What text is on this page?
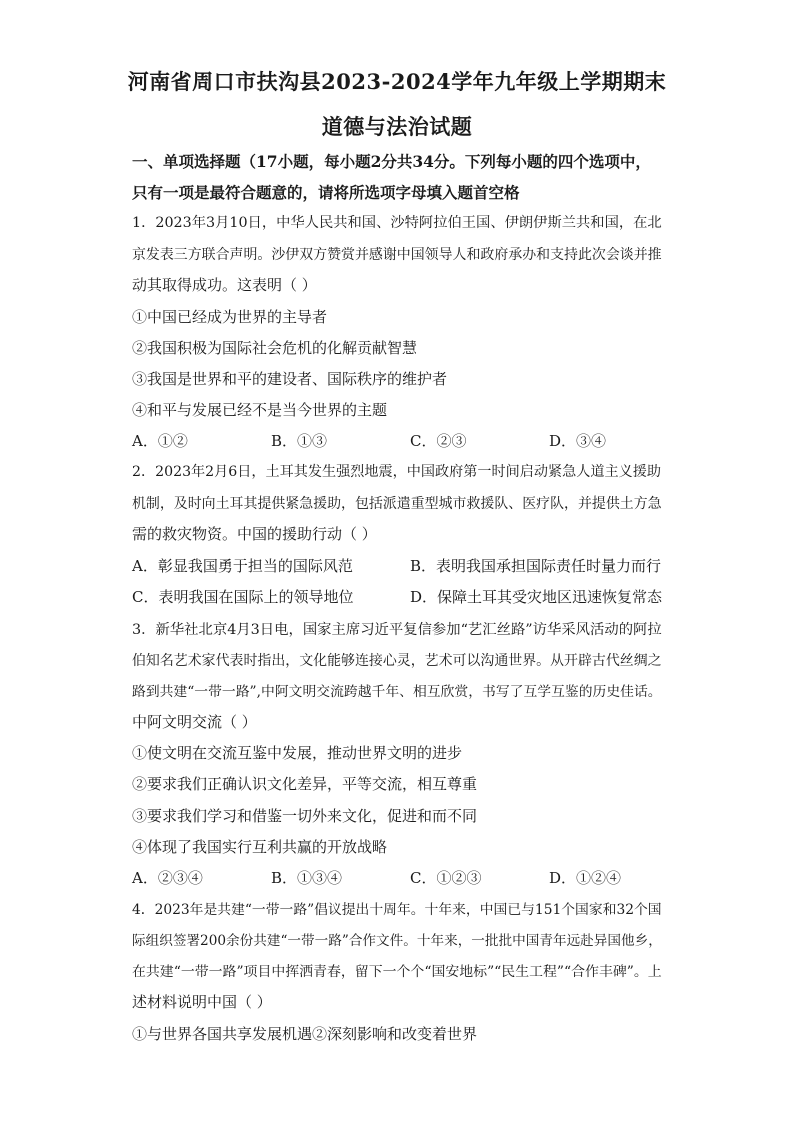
河南省周口市扶沟县2023-2024学年九年级上学期期末
道德与法治试题
一、单项选择题（17小题，每小题2分共34分。下列每小题的四个选项中，
只有一项是最符合题意的，请将所选项字母填入题首空格
1．2023年3月10日，中华人民共和国、沙特阿拉伯王国、伊朗伊斯兰共和国，在北
京发表三方联合声明。沙伊双方赞赏并感谢中国领导人和政府承办和支持此次会谈并推
动其取得成功。这表明（ ）
①中国已经成为世界的主导者
②我国积极为国际社会危机的化解贡献智慧
③我国是世界和平的建设者、国际秩序的维护者
④和平与发展已经不是当今世界的主题
A．①②	B．①③	C．②③	D．③④
2．2023年2月6日，土耳其发生强烈地震，中国政府第一时间启动紧急人道主义援助
机制，及时向土耳其提供紧急援助，包括派遣重型城市救援队、医疗队，并提供土方急
需的救灾物资。中国的援助行动（ ）
A．彰显我国勇于担当的国际风范	B．表明我国承担国际责任时量力而行
C．表明我国在国际上的领导地位	D．保障土耳其受灾地区迅速恢复常态
3．新华社北京4月3日电，国家主席习近平复信参加“艺汇丝路”访华采风活动的阿拉
伯知名艺术家代表时指出，文化能够连接心灵，艺术可以沟通世界。从开辟古代丝绸之
路到共建“一带一路”,中阿文明交流跨越千年、相互欣赏，书写了互学互鉴的历史佳话。
中阿文明交流（ ）
①使文明在交流互鉴中发展，推动世界文明的进步
②要求我们正确认识文化差异，平等交流，相互尊重
③要求我们学习和借鉴一切外来文化，促进和而不同
④体现了我国实行互利共赢的开放战略
A．②③④	B．①③④	C．①②③	D．①②④
4．2023年是共建“一带一路”倡议提出十周年。十年来，中国已与151个国家和32个国
际组织签署200余份共建“一带一路”合作文件。十年来，一批批中国青年远赴异国他乡，
在共建“一带一路”项目中挥洒青春，留下一个个“国安地标”“民生工程”“合作丰碑”。上
述材料说明中国（ ）
①与世界各国共享发展机遇②深刻影响和改变着世界
